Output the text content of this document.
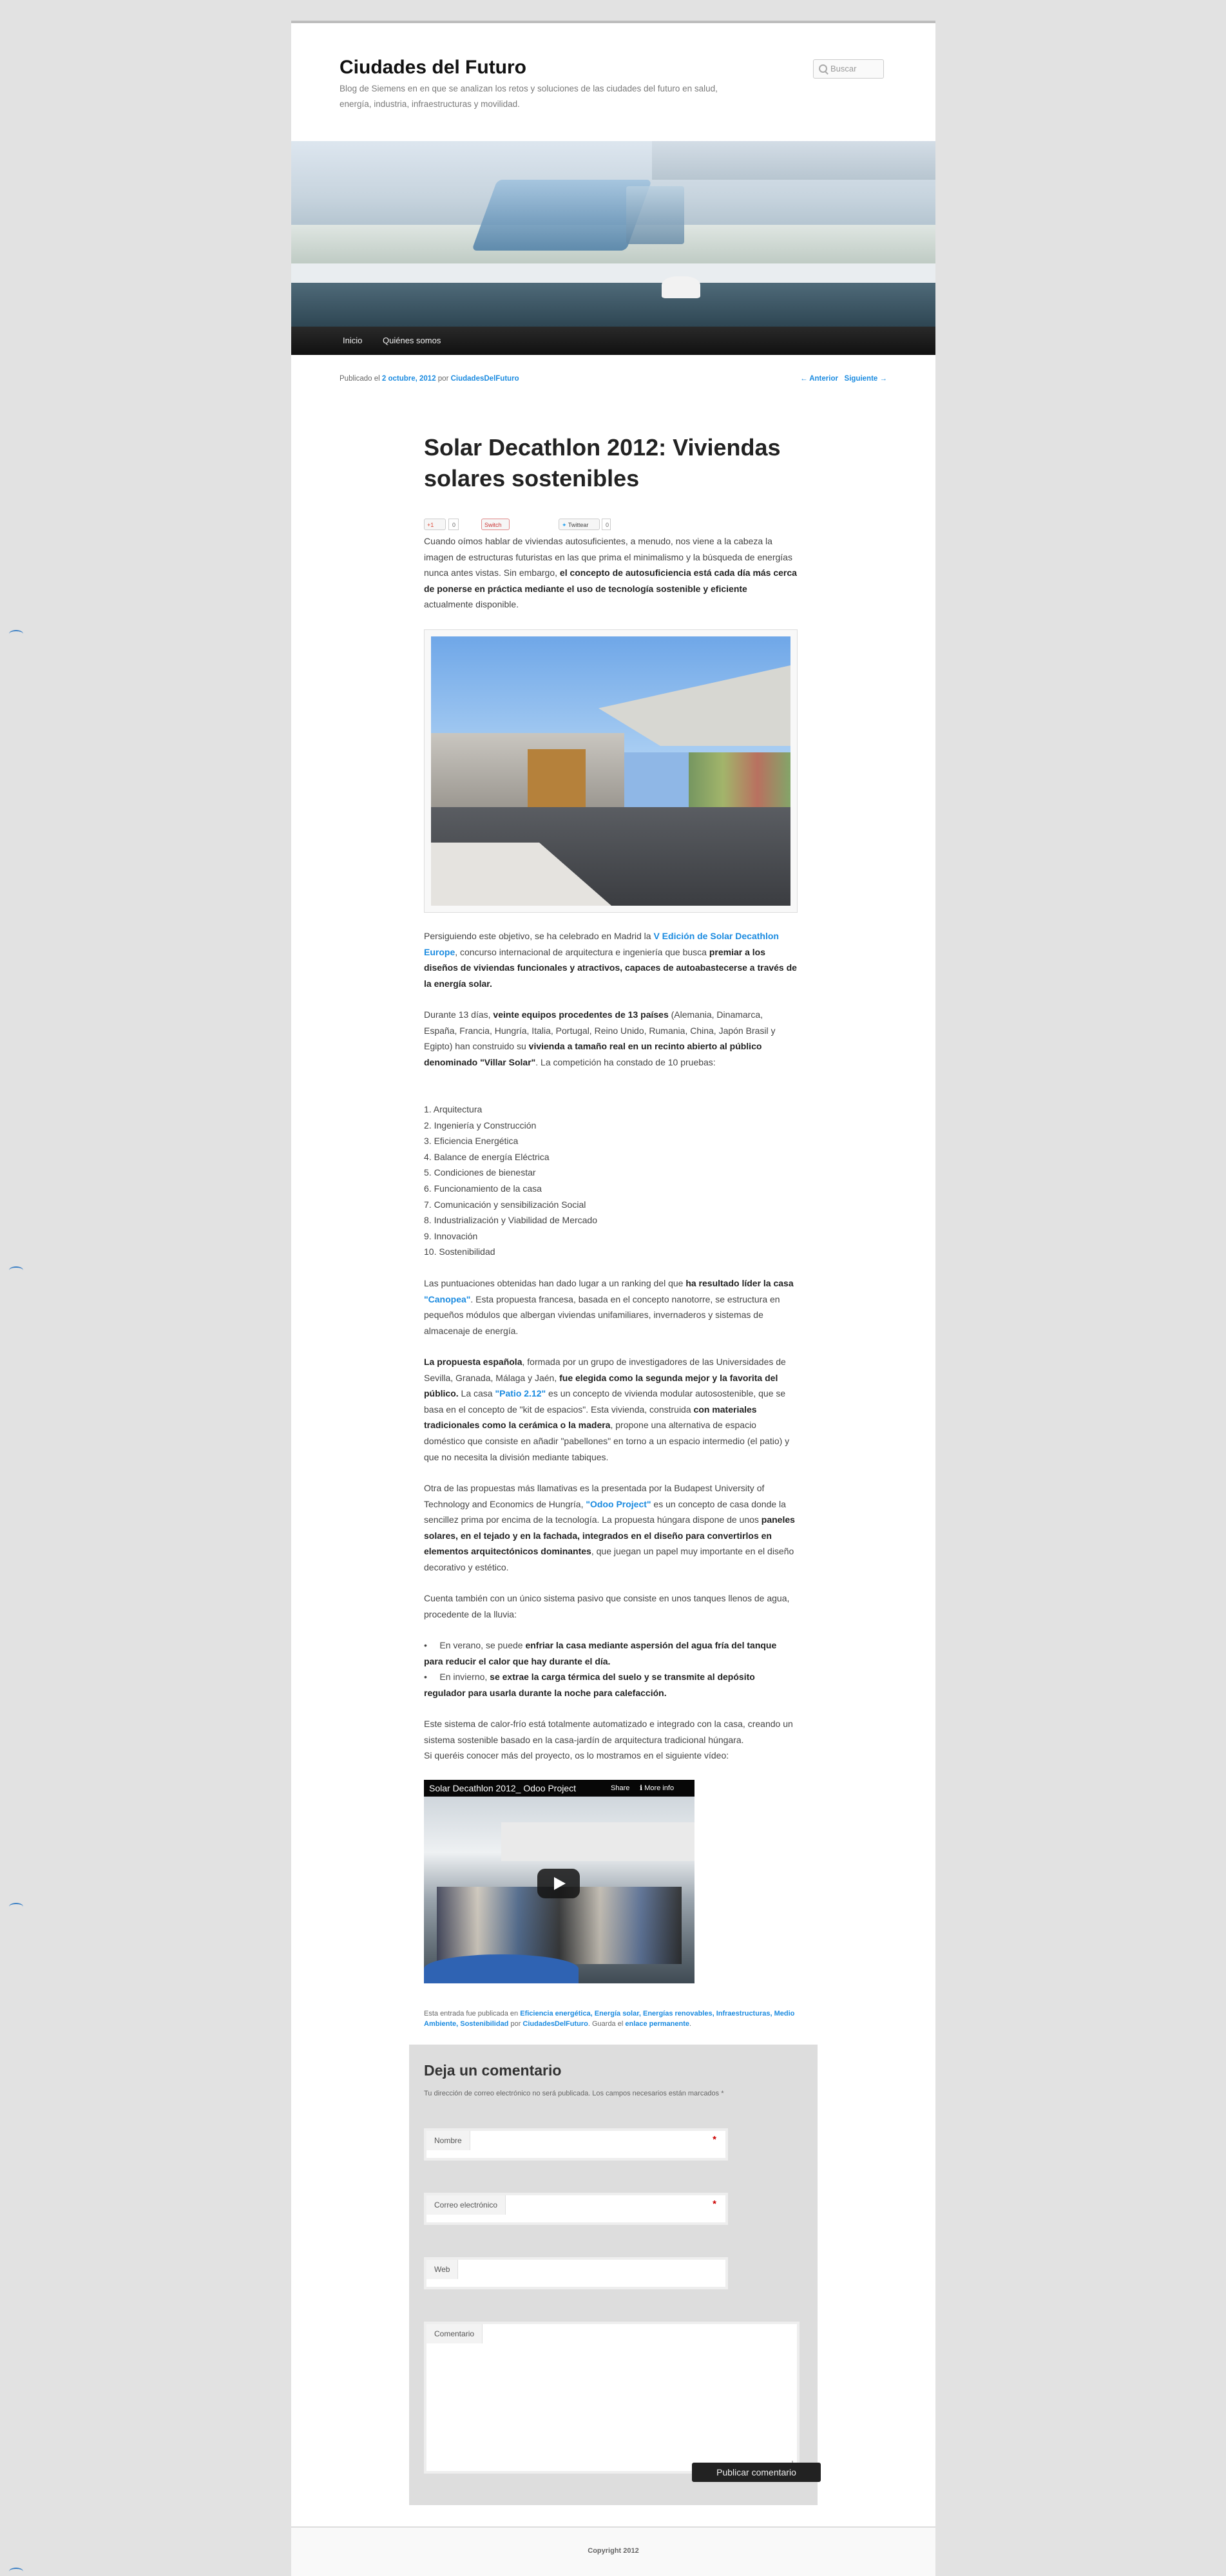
Ciudades del Futuro
Blog de Siemens en en que se analizan los retos y soluciones de las ciudades del futuro en salud, energía, industria, infraestructuras y movilidad.
Buscar
Inicio Quiénes somos
Publicado el 2 octubre, 2012 por CiudadesDelFuturo	← Anterior Siguiente →
Solar Decathlon 2012: Viviendas solares sostenibles
+1	0	Switch	✦ Twittear	0

Cuando oímos hablar de viviendas autosuficientes, a menudo, nos viene a la cabeza la imagen de estructuras futuristas en las que prima el minimalismo y la búsqueda de energías nunca antes vistas. Sin embargo, el concepto de autosuficiencia está cada día más cerca de ponerse en práctica mediante el uso de tecnología sostenible y eficiente actualmente disponible.

Persiguiendo este objetivo, se ha celebrado en Madrid la V Edición de Solar Decathlon Europe, concurso internacional de arquitectura e ingeniería que busca premiar a los diseños de viviendas funcionales y atractivos, capaces de autoabastecerse a través de la energía solar.

Durante 13 días, veinte equipos procedentes de 13 países (Alemania, Dinamarca, España, Francia, Hungría, Italia, Portugal, Reino Unido, Rumania, China, Japón Brasil y Egipto) han construido su vivienda a tamaño real en un recinto abierto al público denominado "Villar Solar". La competición ha constado de 10 pruebas:

1. Arquitectura
2. Ingeniería y Construcción
3. Eficiencia Energética
4. Balance de energía Eléctrica
5. Condiciones de bienestar
6. Funcionamiento de la casa
7. Comunicación y sensibilización Social
8. Industrialización y Viabilidad de Mercado
9. Innovación
10. Sostenibilidad

Las puntuaciones obtenidas han dado lugar a un ranking del que ha resultado líder la casa "Canopea". Esta propuesta francesa, basada en el concepto nanotorre, se estructura en pequeños módulos que albergan viviendas unifamiliares, invernaderos y sistemas de almacenaje de energía.

La propuesta española, formada por un grupo de investigadores de las Universidades de Sevilla, Granada, Málaga y Jaén, fue elegida como la segunda mejor y la favorita del público. La casa "Patio 2.12" es un concepto de vivienda modular autosostenible, que se basa en el concepto de "kit de espacios". Esta vivienda, construida con materiales tradicionales como la cerámica o la madera, propone una alternativa de espacio doméstico que consiste en añadir "pabellones" en torno a un espacio intermedio (el patio) y que no necesita la división mediante tabiques.

Otra de las propuestas más llamativas es la presentada por la Budapest University of Technology and Economics de Hungría, "Odoo Project" es un concepto de casa donde la sencillez prima por encima de la tecnología. La propuesta húngara dispone de unos paneles solares, en el tejado y en la fachada, integrados en el diseño para convertirlos en elementos arquitectónicos dominantes, que juegan un papel muy importante en el diseño decorativo y estético.

Cuenta también con un único sistema pasivo que consiste en unos tanques llenos de agua, procedente de la lluvia:

•     En verano, se puede enfriar la casa mediante aspersión del agua fría del tanque para reducir el calor que hay durante el día.
•     En invierno, se extrae la carga térmica del suelo y se transmite al depósito regulador para usarla durante la noche para calefacción.

Este sistema de calor-frío está totalmente automatizado e integrado con la casa, creando un sistema sostenible basado en la casa-jardín de arquitectura tradicional húngara.
Si queréis conocer más del proyecto, os lo mostramos en el siguiente vídeo:

Solar Decathlon 2012_ Odoo Project	Share ℹ More info
Esta entrada fue publicada en Eficiencia energética, Energía solar, Energías renovables, Infraestructuras, Medio Ambiente, Sostenibilidad por CiudadesDelFuturo. Guarda el enlace permanente.
Deja un comentario
Tu dirección de correo electrónico no será publicada. Los campos necesarios están marcados *
Nombre	*
Correo electrónico	*
Web
Comentario
Copyright 2012
Publicar comentario
